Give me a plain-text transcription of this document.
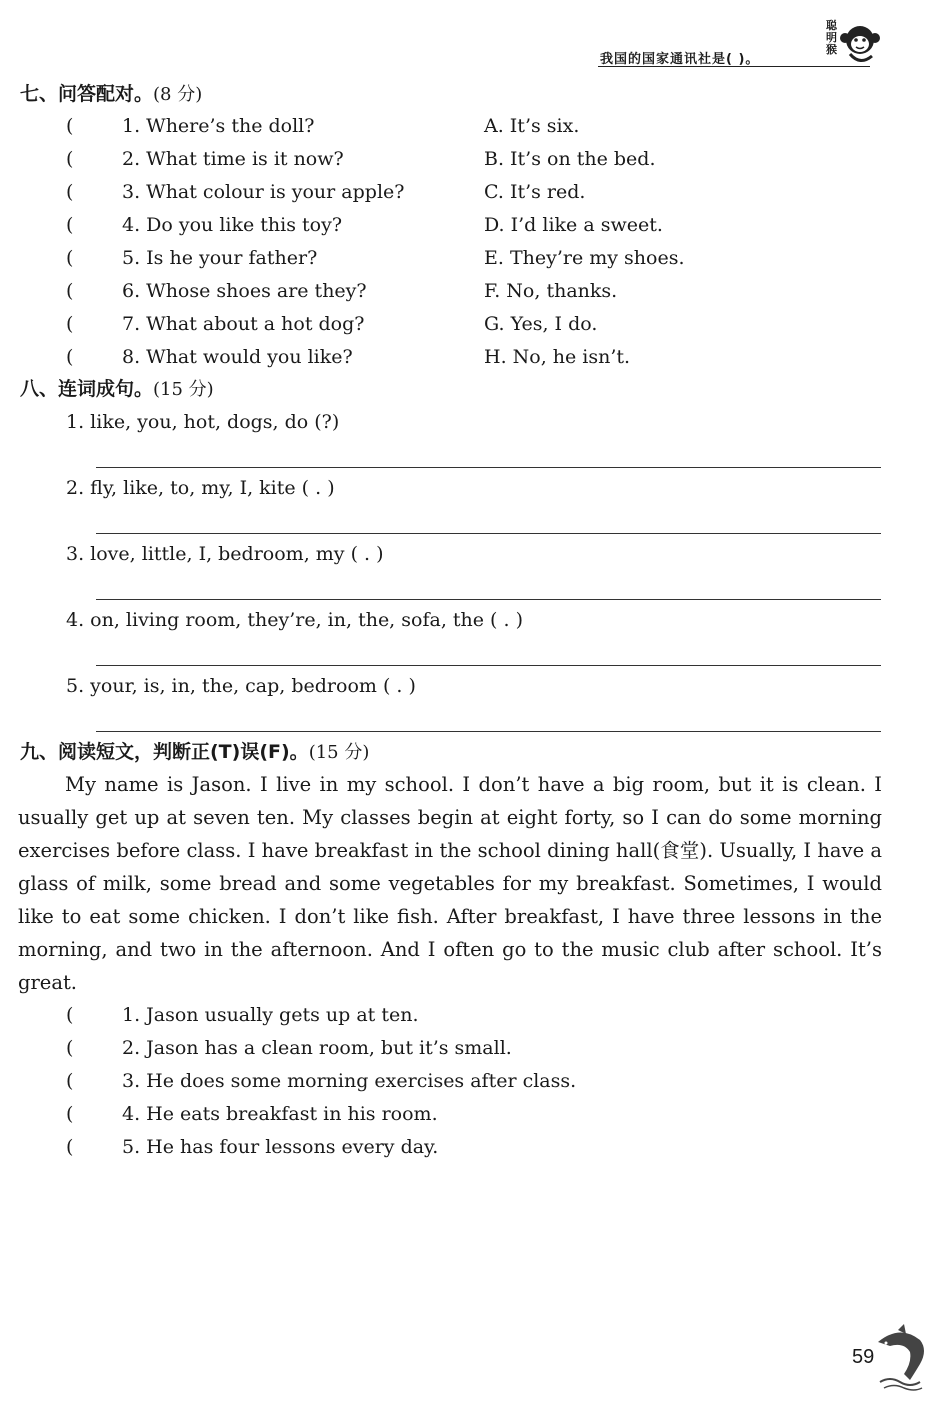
我国的国家通讯社是( )。
聪明猴
七、问答配对。(8 分)
(	1. Where’s the doll?	A. It’s six.
(	2. What time is it now?	B. It’s on the bed.
(	3. What colour is your apple?	C. It’s red.
(	4. Do you like this toy?	D. I’d like a sweet.
(	5. Is he your father?	E. They’re my shoes.
(	6. Whose shoes are they?	F. No, thanks.
(	7. What about a hot dog?	G. Yes, I do.
(	8. What would you like?	H. No, he isn’t.
八、连词成句。(15 分)
1. like, you, hot, dogs, do (?)
2. fly, like, to, my, I, kite ( . )
3. love, little, I, bedroom, my ( . )
4. on, living room, they’re, in, the, sofa, the ( . )
5. your, is, in, the, cap, bedroom ( . )
九、阅读短文，判断正(T)误(F)。(15 分)
My name is Jason. I live in my school. I don’t have a big room, but it is clean. I usually get up at seven ten. My classes begin at eight forty, so I can do some morning exercises before class. I have breakfast in the school dining hall(食堂). Usually, I have a glass of milk, some bread and some vegetables for my breakfast. Sometimes, I would like to eat some chicken. I don’t like fish. After breakfast, I have three lessons in the morning, and two in the afternoon. And I often go to the music club after school. It’s great.
(	1. Jason usually gets up at ten.
(	2. Jason has a clean room, but it’s small.
(	3. He does some morning exercises after class.
(	4. He eats breakfast in his room.
(	5. He has four lessons every day.
59
